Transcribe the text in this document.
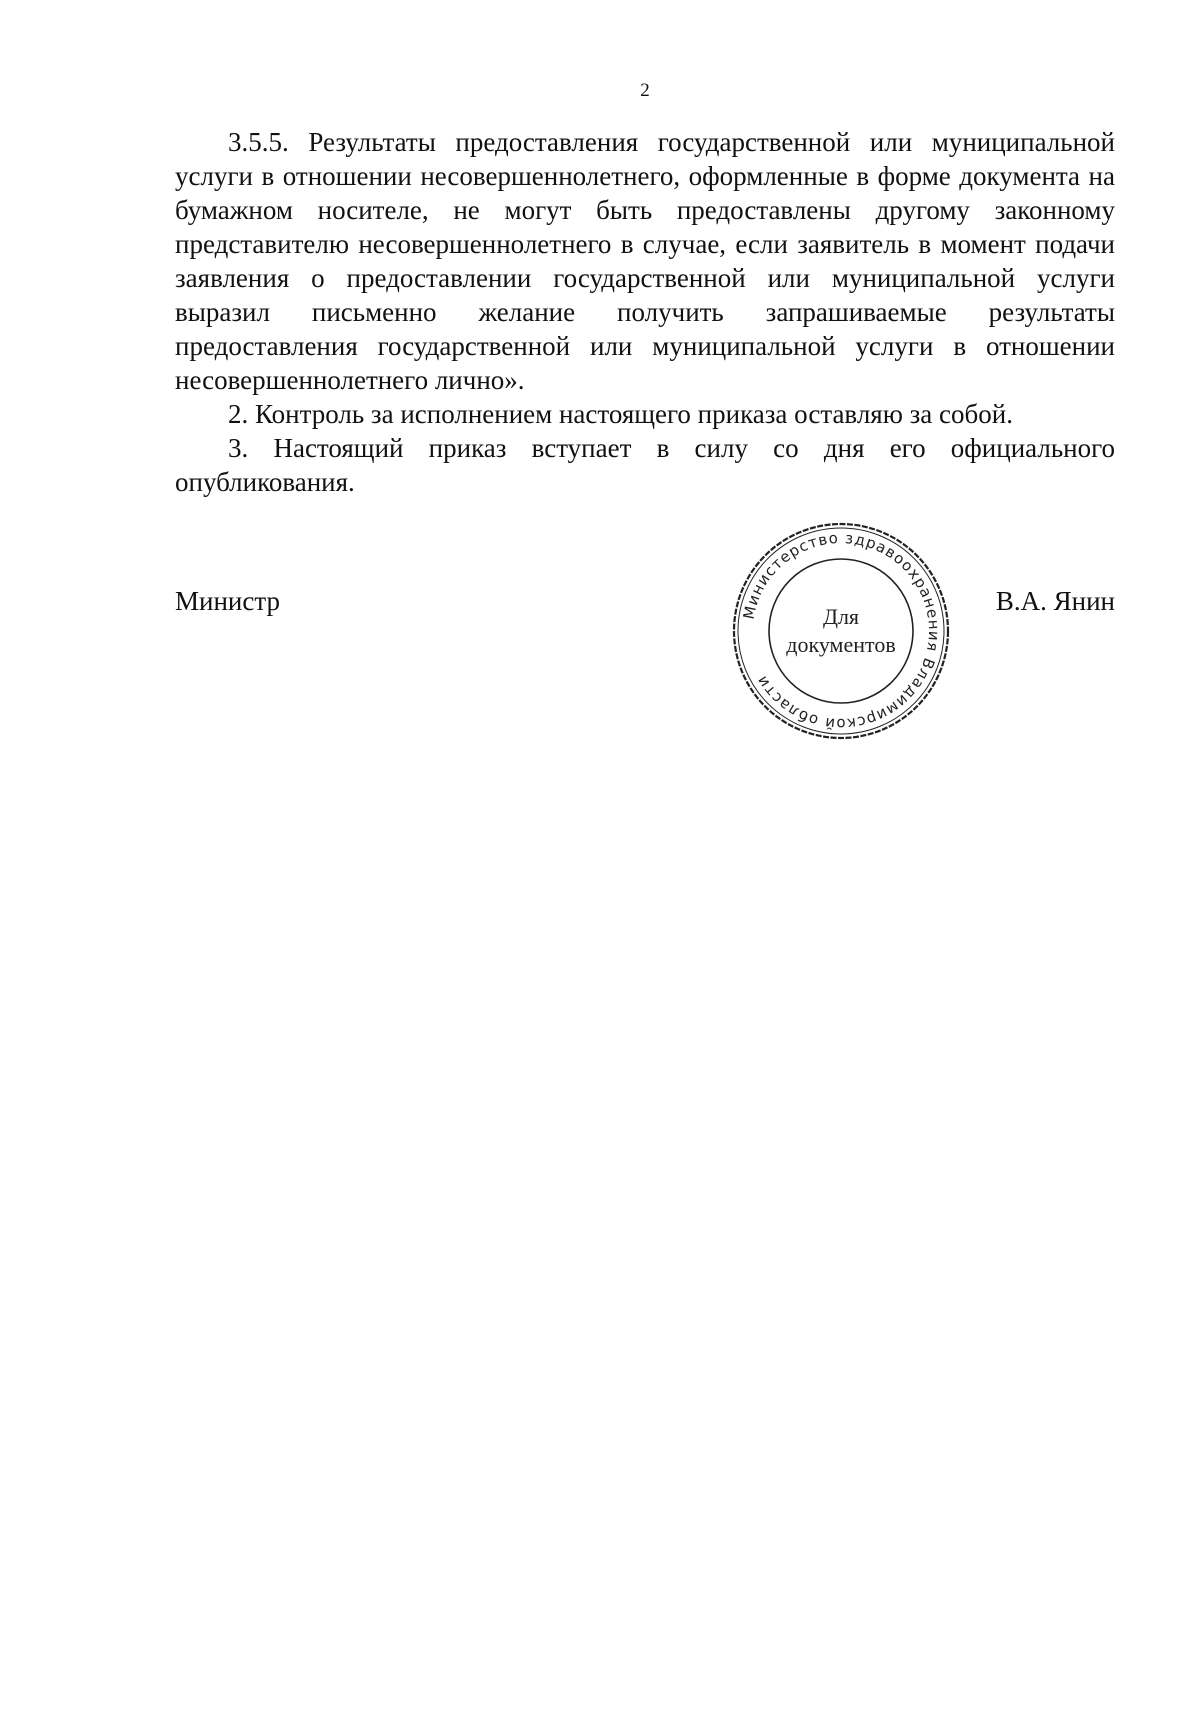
2

3.5.5. Результаты предоставления государственной или муниципальной услуги в отношении несовершеннолетнего, оформленные в форме документа на бумажном носителе, не могут быть предоставлены другому законному представителю несовершеннолетнего в случае, если заявитель в момент подачи заявления о предоставлении государственной или муниципальной услуги выразил письменно желание получить запрашиваемые результаты предоставления государственной или муниципальной услуги в отношении несовершеннолетнего лично».

2. Контроль за исполнением настоящего приказа оставляю за собой.

3. Настоящий приказ вступает в силу со дня его официального опубликования.

Министр	В.А. Янин
Министерство здравоохранения Владимирской области
Для
документов
